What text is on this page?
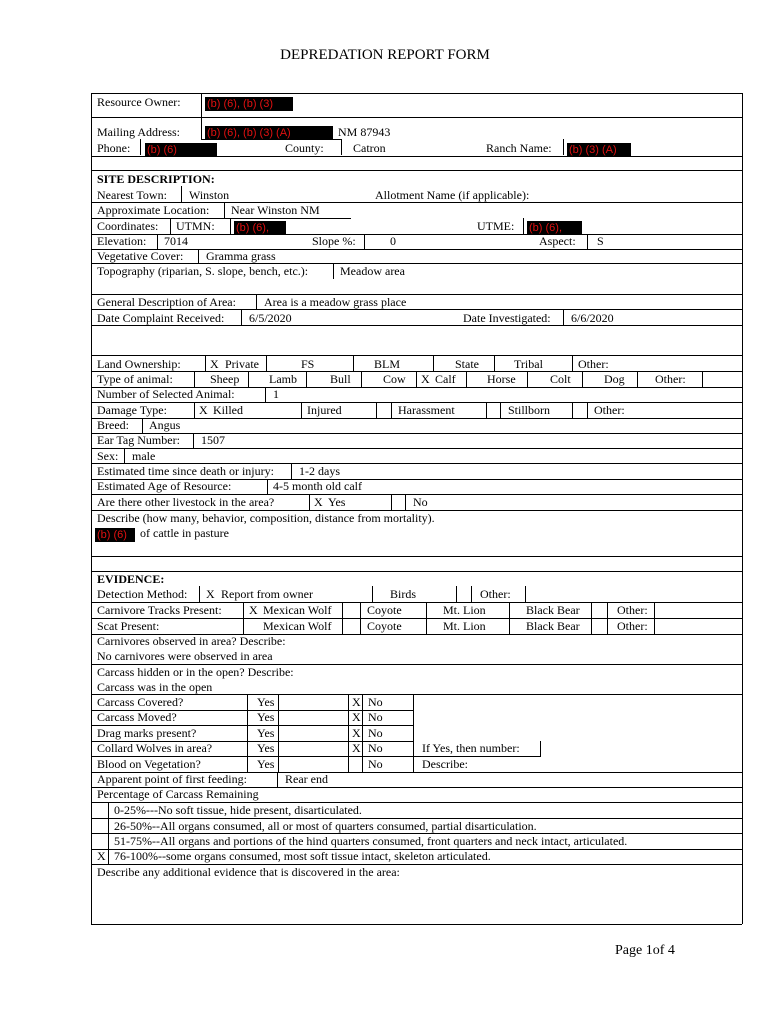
DEPREDATION REPORT FORM
Resource Owner: (b) (6), (b) (3)
Mailing Address: (b) (6), (b) (3) (A)	NM 87943
Phone: (b) (6)	County: Catron	Ranch Name: (b) (3) (A)
SITE DESCRIPTION:
Nearest Town: Winston	Allotment Name (if applicable):
Approximate Location: Near Winston NM
Coordinates: UTMN: (b) (6),	UTME: (b) (6),
Elevation: 7014	Slope %:	0	Aspect: S
Vegetative Cover: Gramma grass
Topography (riparian, S. slope, bench, etc.):	Meadow area
General Description of Area: Area is a meadow grass place
Date Complaint Received: 6/5/2020	Date Investigated: 6/6/2020
Land Ownership: X Private	FS	BLM	State	Tribal	Other:
Type of animal:	Sheep Lamb	Bull	Cow X Calf	Horse	Colt	Dog	Other:
Number of Selected Animal:	1
Damage Type:	X Killed	Injured	Harassment	Stillborn	Other:
Breed: Angus
Ear Tag Number: 1507
Sex: male
Estimated time since death or injury: 1-2 days
Estimated Age of Resource:	4-5 month old calf
Are there other livestock in the area?	X Yes	No
Describe (how many, behavior, composition, distance from mortality).
(b) (6)	of cattle in pasture
EVIDENCE:
Detection Method: X Report from owner	Birds	Other:
Carnivore Tracks Present: X Mexican Wolf	Coyote	Mt. Lion	Black Bear	Other:
Scat Present:	Mexican Wolf	Coyote	Mt. Lion	Black Bear	Other:
Carnivores observed in area? Describe:
No carnivores were observed in area
Carcass hidden or in the open? Describe:
Carcass was in the open
Carcass Covered?	Yes	X No
Carcass Moved?	Yes	X No
Drag marks present?	Yes	X No
Collard Wolves in area?	Yes	X No	If Yes, then number:
Blood on Vegetation?	Yes	No	Describe:
Apparent point of first feeding:	Rear end
Percentage of Carcass Remaining
0-25%---No soft tissue, hide present, disarticulated.
26-50%--All organs consumed, all or most of quarters consumed, partial disarticulation.
51-75%--All organs and portions of the hind quarters consumed, front quarters and neck intact, articulated.
X 76-100%--some organs consumed, most soft tissue intact, skeleton articulated.
Describe any additional evidence that is discovered in the area:
Page 1of 4
